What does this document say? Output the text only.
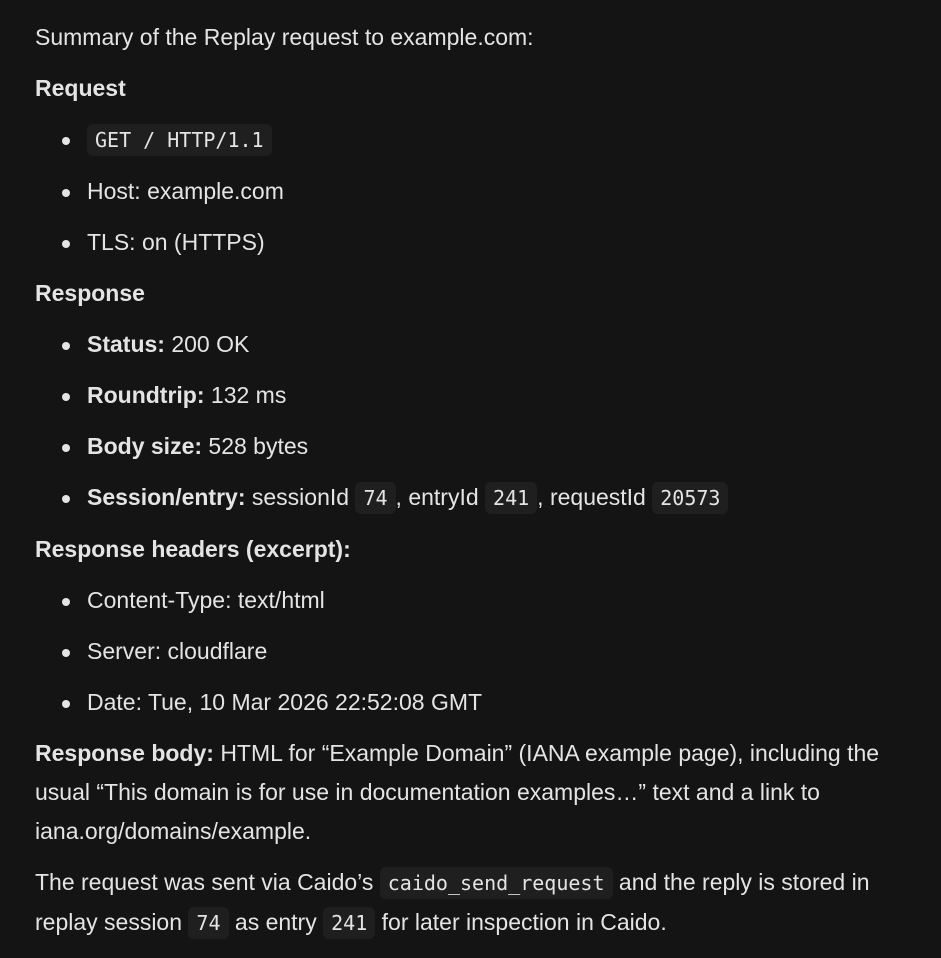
Summary of the Replay request to example.com:

Request

GET / HTTP/1.1
Host: example.com
TLS: on (HTTPS)

Response

Status: 200 OK
Roundtrip: 132 ms
Body size: 528 bytes
Session/entry: sessionId 74 , entryId 241 , requestId 20573

Response headers (excerpt):

Content-Type: text/html
Server: cloudflare
Date: Tue, 10 Mar 2026 22:52:08 GMT

Response body: HTML for “Example Domain” (IANA example page), including the usual “This domain is for use in documentation examples…” text and a link to iana.org/domains/example.

The request was sent via Caido’s caido_send_request and the reply is stored in replay session 74 as entry 241 for later inspection in Caido.
